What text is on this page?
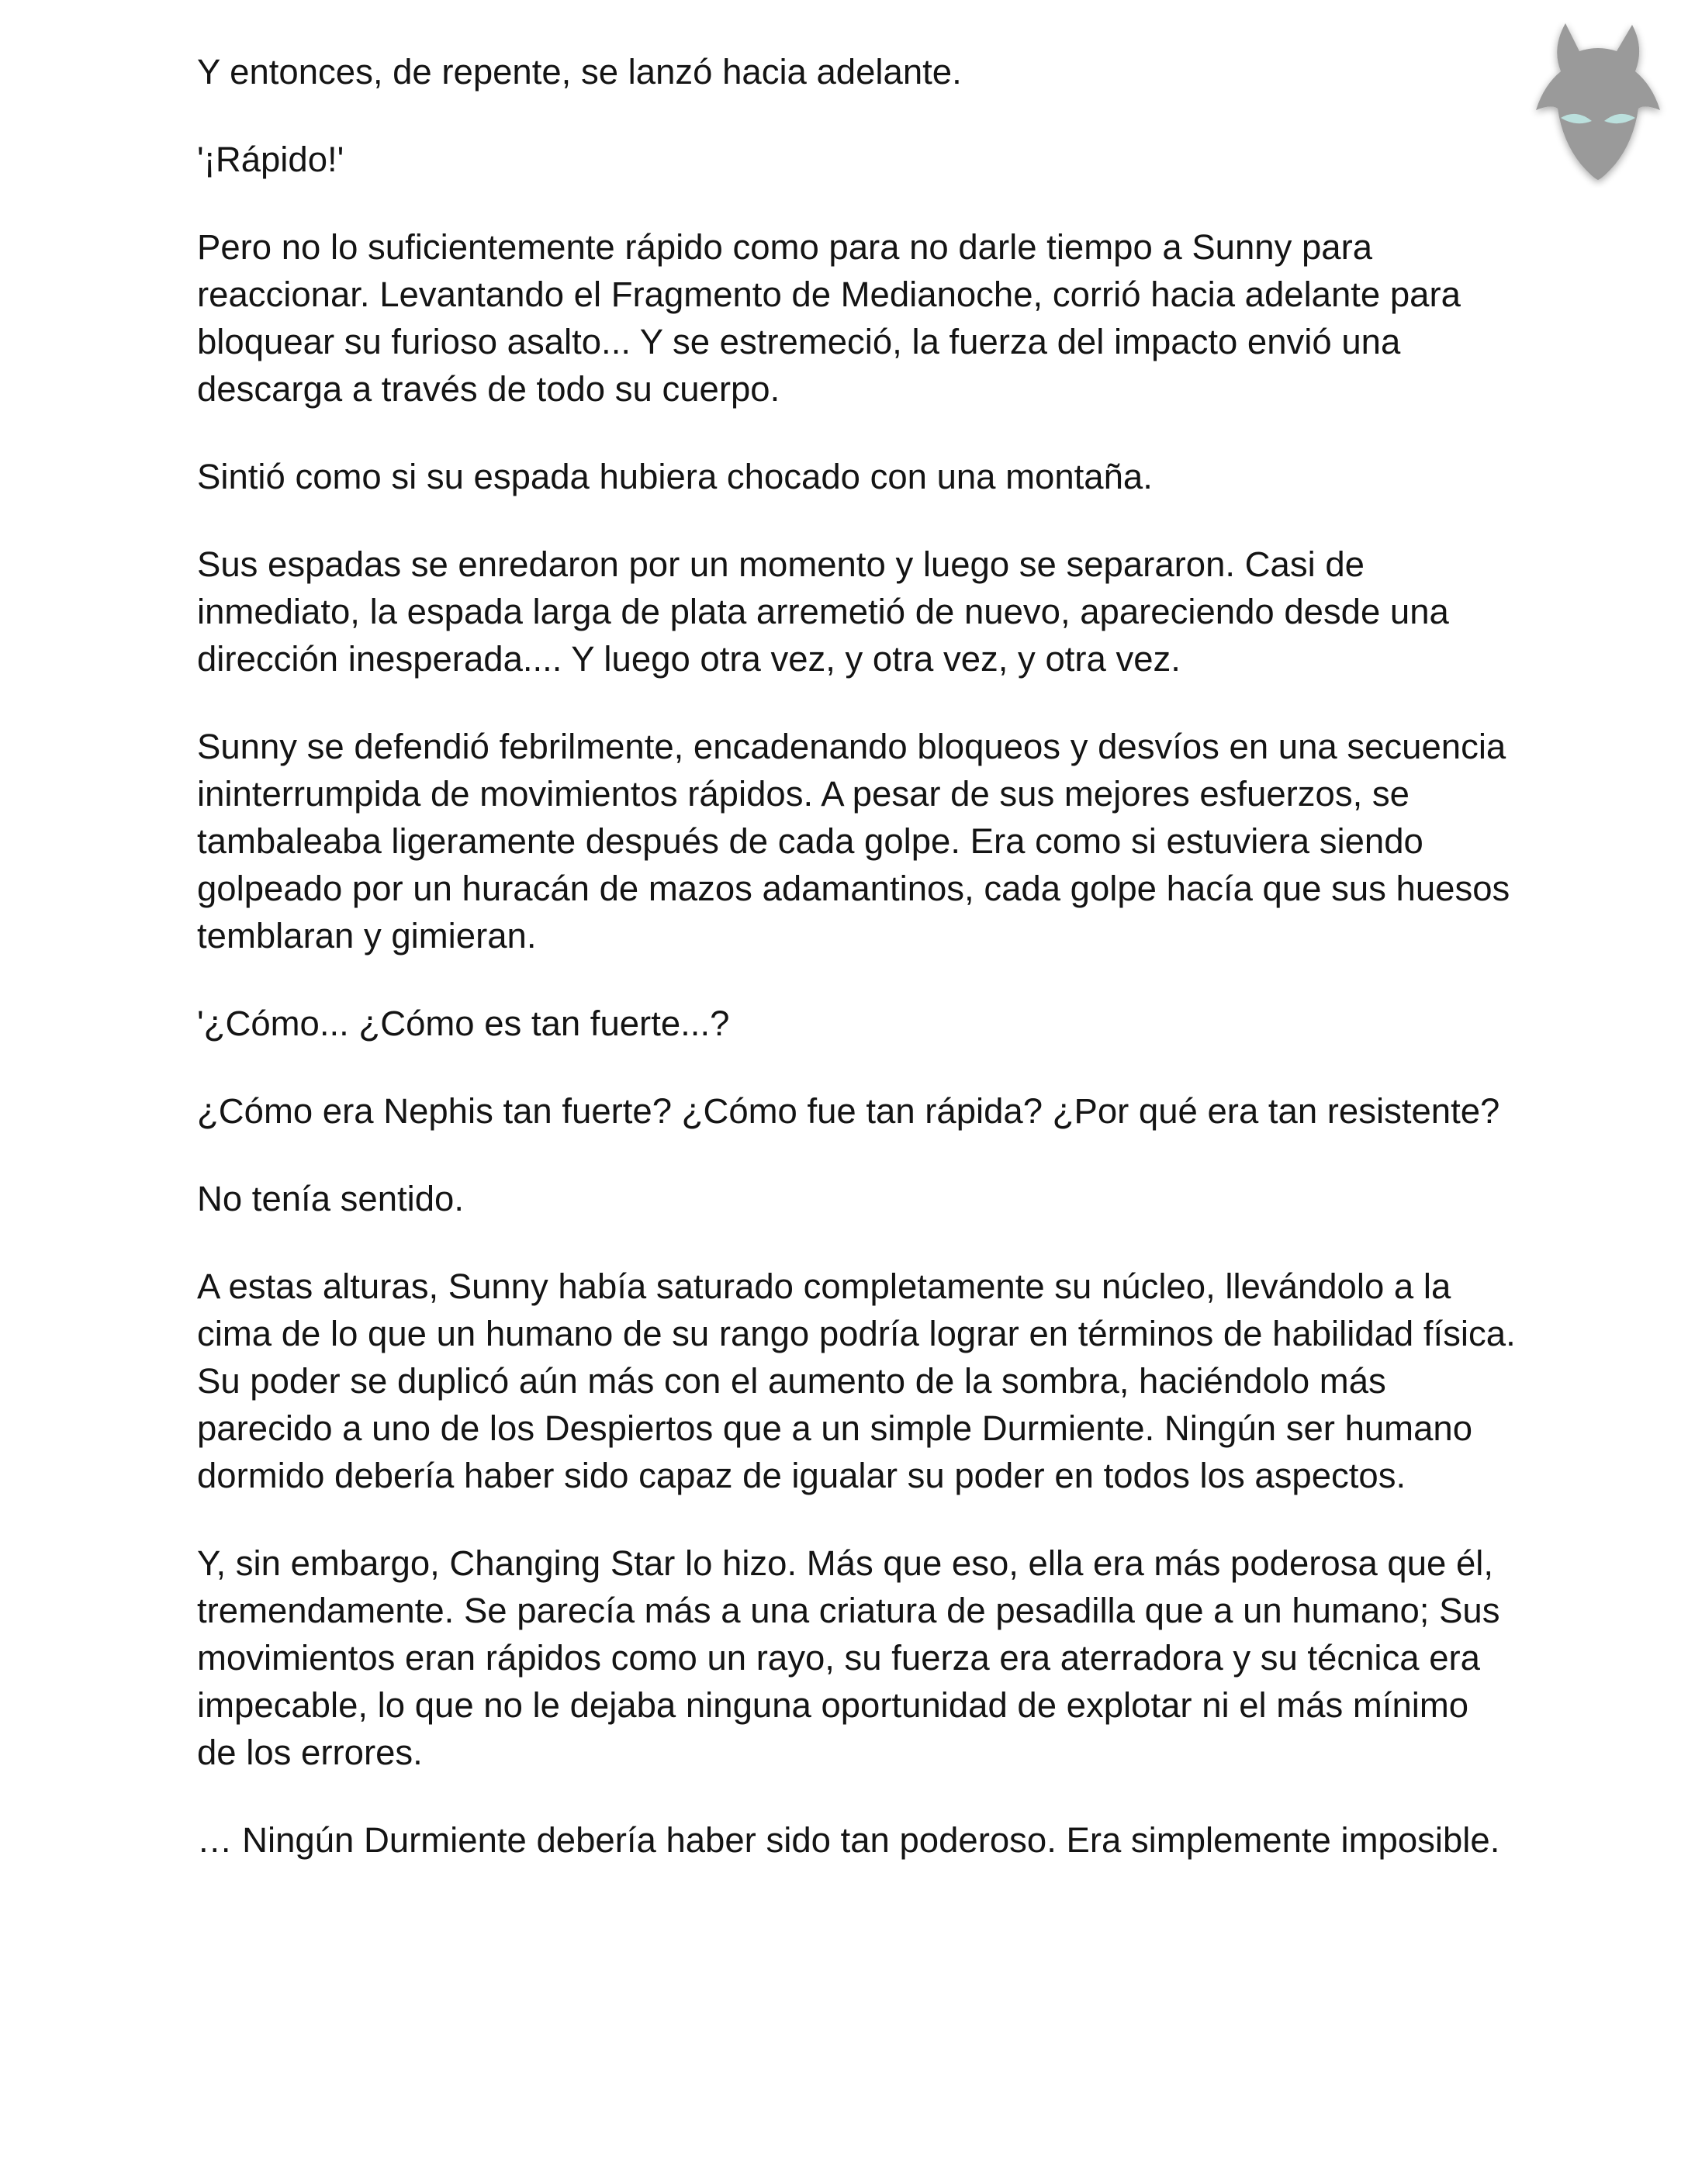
Y entonces, de repente, se lanzó hacia adelante.

'¡Rápido!'

Pero no lo suficientemente rápido como para no darle tiempo a Sunny para reaccionar. Levantando el Fragmento de Medianoche, corrió hacia adelante para bloquear su furioso asalto... Y se estremeció, la fuerza del impacto envió una descarga a través de todo su cuerpo.

Sintió como si su espada hubiera chocado con una montaña.

Sus espadas se enredaron por un momento y luego se separaron. Casi de inmediato, la espada larga de plata arremetió de nuevo, apareciendo desde una dirección inesperada.... Y luego otra vez, y otra vez, y otra vez.

Sunny se defendió febrilmente, encadenando bloqueos y desvíos en una secuencia ininterrumpida de movimientos rápidos. A pesar de sus mejores esfuerzos, se tambaleaba ligeramente después de cada golpe. Era como si estuviera siendo golpeado por un huracán de mazos adamantinos, cada golpe hacía que sus huesos temblaran y gimieran.

'¿Cómo... ¿Cómo es tan fuerte...?

¿Cómo era Nephis tan fuerte? ¿Cómo fue tan rápida? ¿Por qué era tan resistente?

No tenía sentido.

A estas alturas, Sunny había saturado completamente su núcleo, llevándolo a la cima de lo que un humano de su rango podría lograr en términos de habilidad física. Su poder se duplicó aún más con el aumento de la sombra, haciéndolo más parecido a uno de los Despiertos que a un simple Durmiente. Ningún ser humano dormido debería haber sido capaz de igualar su poder en todos los aspectos.

Y, sin embargo, Changing Star lo hizo. Más que eso, ella era más poderosa que él, tremendamente. Se parecía más a una criatura de pesadilla que a un humano; Sus movimientos eran rápidos como un rayo, su fuerza era aterradora y su técnica era impecable, lo que no le dejaba ninguna oportunidad de explotar ni el más mínimo de los errores.

… Ningún Durmiente debería haber sido tan poderoso. Era simplemente imposible.
